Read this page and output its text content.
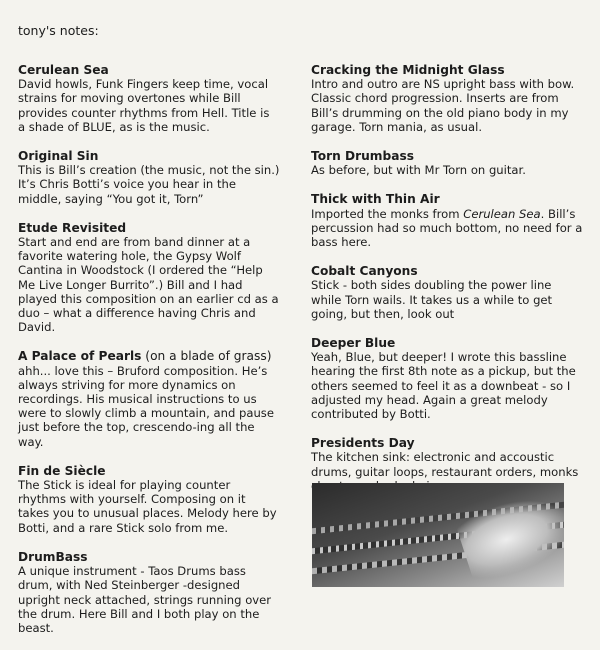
tony's notes:
Cerulean Sea

David howls, Funk Fingers keep time, vocal strains for moving overtones while Bill provides counter rhythms from Hell. Title is a shade of BLUE, as is the music.

Original Sin

This is Bill’s creation (the music, not the sin.) It’s Chris Botti’s voice you hear in the middle, saying “You got it, Torn”

Etude Revisited

Start and end are from band dinner at a favorite watering hole, the Gypsy Wolf Cantina in Woodstock (I ordered the “Help Me Live Longer Burrito”.) Bill and I had played this composition on an earlier cd as a duo – what a difference having Chris and David.

A Palace of Pearls (on a blade of grass)

ahh... love this – Bruford composition. He’s always striving for more dynamics on recordings. His musical instructions to us were to slowly climb a mountain, and pause just before the top, crescendo-ing all the way.

Fin de Siècle

The Stick is ideal for playing counter rhythms with yourself. Composing on it takes you to unusual places. Melody here by Botti, and a rare Stick solo from me.

DrumBass

A unique instrument - Taos Drums bass drum, with Ned Steinberger -designed upright neck attached, strings running over the drum. Here Bill and I both play on the beast.

Cracking the Midnight Glass

Intro and outro are NS upright bass with bow. Classic chord progression. Inserts are from Bill’s drumming on the old piano body in my garage. Torn mania, as usual.

Torn Drumbass

As before, but with Mr Torn on guitar.

Thick with Thin Air

Imported the monks from Cerulean Sea. Bill’s percussion had so much bottom, no need for a bass here.

Cobalt Canyons

Stick - both sides doubling the power line while Torn wails. It takes us a while to get going, but then, look out

Deeper Blue

Yeah, Blue, but deeper! I wrote this bassline hearing the first 8th note as a pickup, but the others seemed to feel it as a downbeat - so I adjusted my head. Again a great melody contributed by Botti.

Presidents Day

The kitchen sink: electronic and accoustic drums, guitar loops, restaurant orders, monks
